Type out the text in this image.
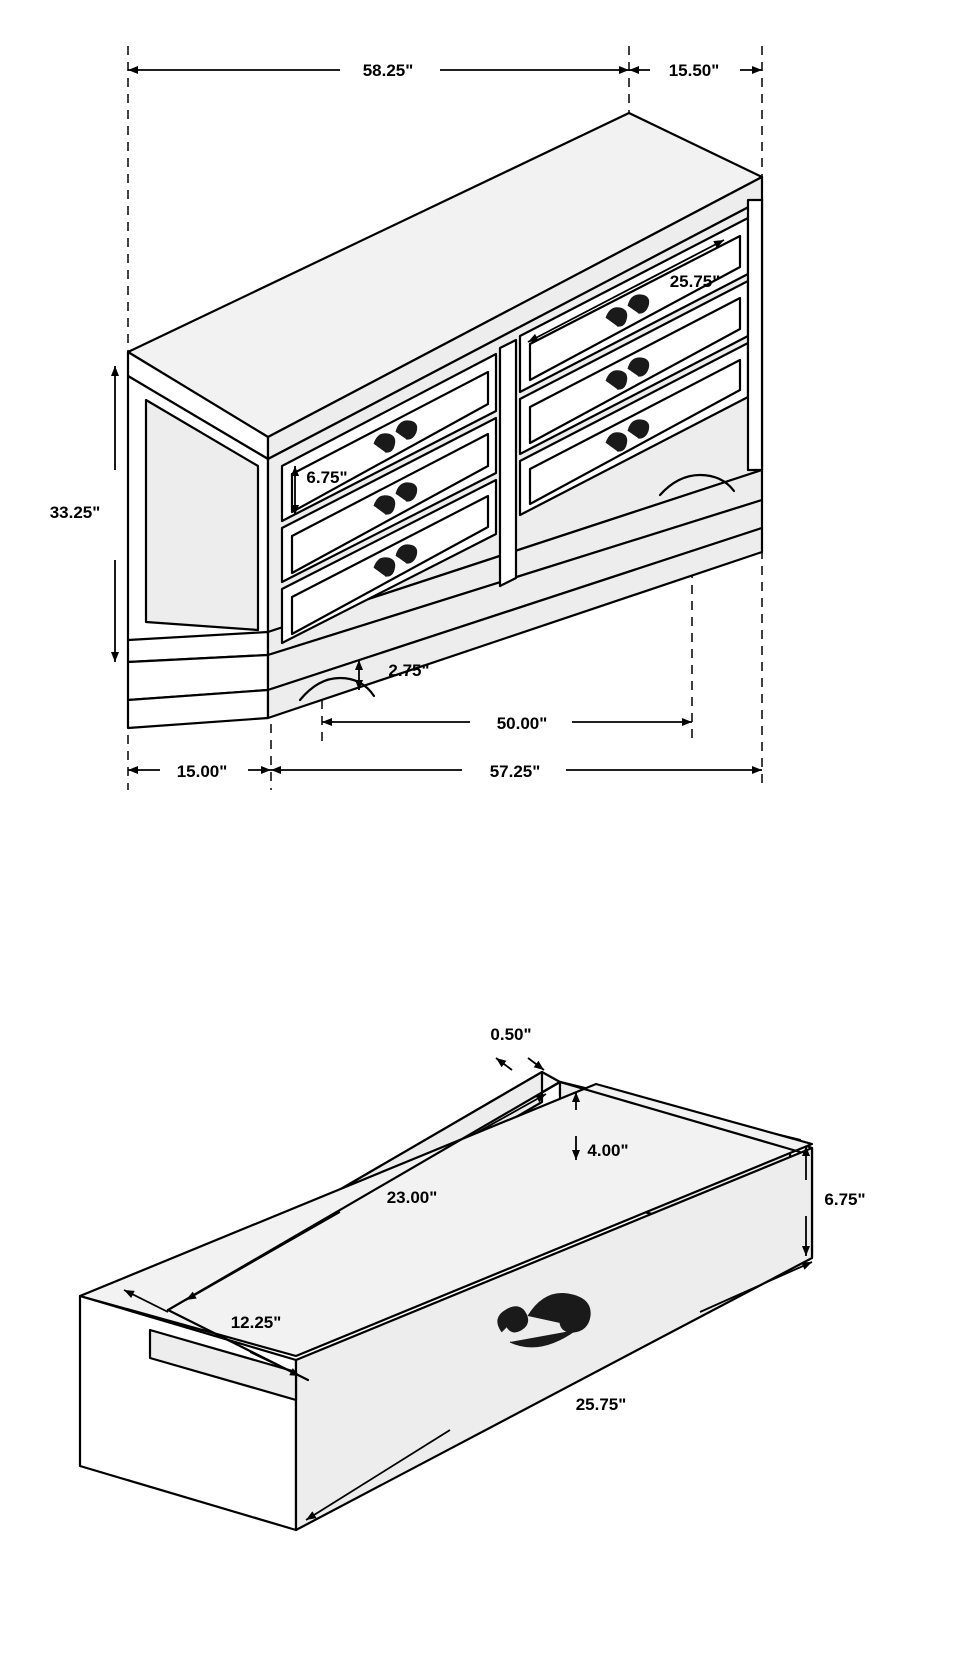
58.25"	15.50"
25.75"
6.75"
33.25"
2.75"
50.00"
15.00"	57.25"
0.50"
4.00"
23.00"	6.75"
12.25"
25.75"
